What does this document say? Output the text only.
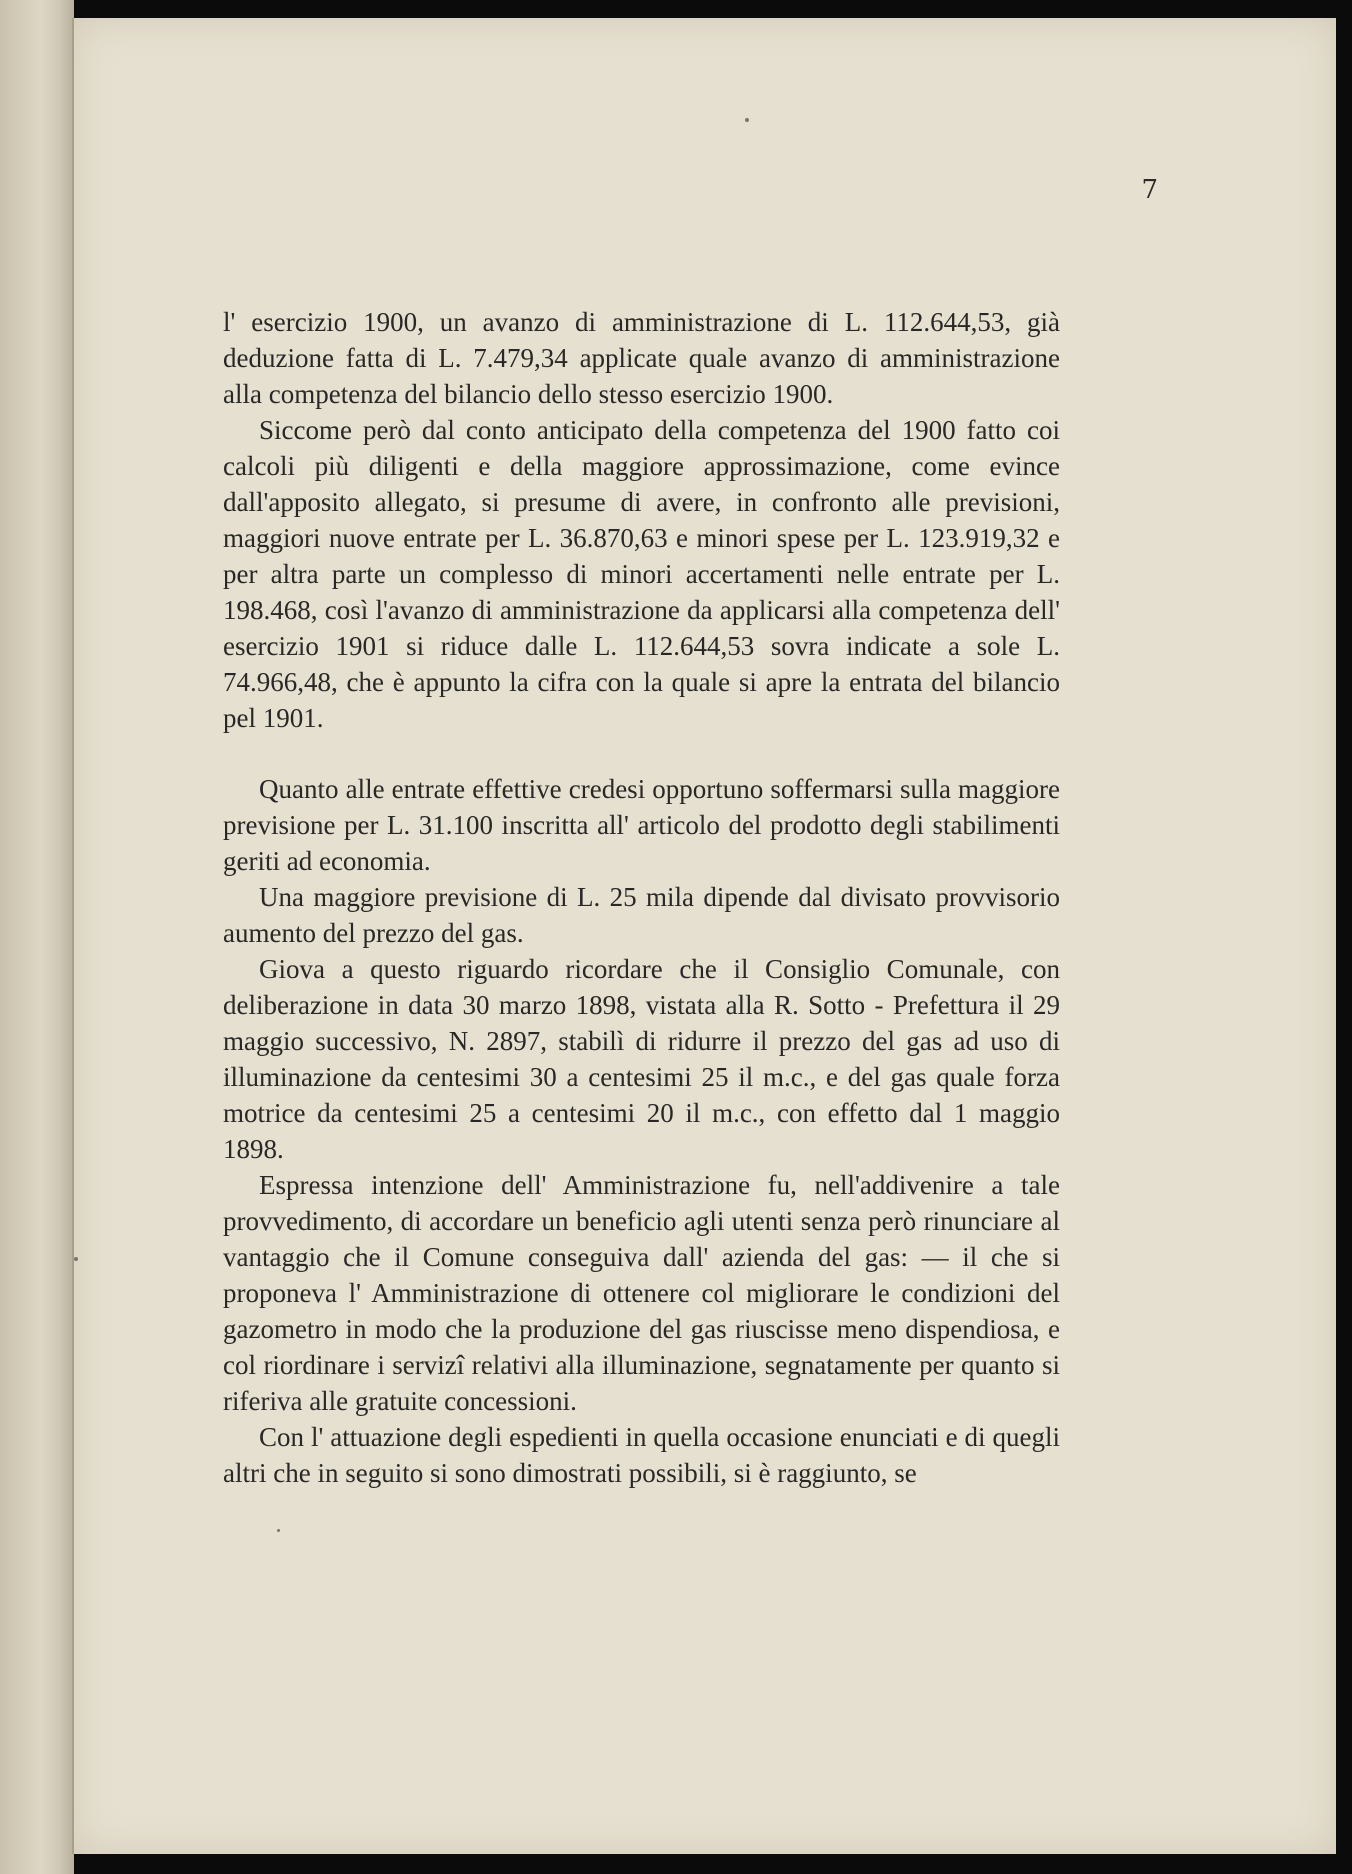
7

l' esercizio 1900, un avanzo di amministrazione di L. 112.644,53, già deduzione fatta di L. 7.479,34 applicate quale avanzo di amministrazione alla competenza del bilancio dello stesso esercizio 1900.

Siccome però dal conto anticipato della competenza del 1900 fatto coi calcoli più diligenti e della maggiore approssimazione, come evince dall'apposito allegato, si presume di avere, in confronto alle previsioni, maggiori nuove entrate per L. 36.870,63 e minori spese per L. 123.919,32 e per altra parte un complesso di minori accertamenti nelle entrate per L. 198.468, così l'avanzo di amministrazione da applicarsi alla competenza dell' esercizio 1901 si riduce dalle L. 112.644,53 sovra indicate a sole L. 74.966,48, che è appunto la cifra con la quale si apre la entrata del bilancio pel 1901.

Quanto alle entrate effettive credesi opportuno soffermarsi sulla maggiore previsione per L. 31.100 inscritta all' articolo del prodotto degli stabilimenti geriti ad economia.

Una maggiore previsione di L. 25 mila dipende dal divisato provvisorio aumento del prezzo del gas.

Giova a questo riguardo ricordare che il Consiglio Comunale, con deliberazione in data 30 marzo 1898, vistata alla R. Sotto - Prefettura il 29 maggio successivo, N. 2897, stabilì di ridurre il prezzo del gas ad uso di illuminazione da centesimi 30 a centesimi 25 il m.c., e del gas quale forza motrice da centesimi 25 a centesimi 20 il m.c., con effetto dal 1 maggio 1898.

Espressa intenzione dell' Amministrazione fu, nell'addivenire a tale provvedimento, di accordare un beneficio agli utenti senza però rinunciare al vantaggio che il Comune conseguiva dall' azienda del gas: — il che si proponeva l' Amministrazione di ottenere col migliorare le condizioni del gazometro in modo che la produzione del gas riuscisse meno dispendiosa, e col riordinare i servizî relativi alla illuminazione, segnatamente per quanto si riferiva alle gratuite concessioni.

Con l' attuazione degli espedienti in quella occasione enunciati e di quegli altri che in seguito si sono dimostrati possibili, si è raggiunto, se
